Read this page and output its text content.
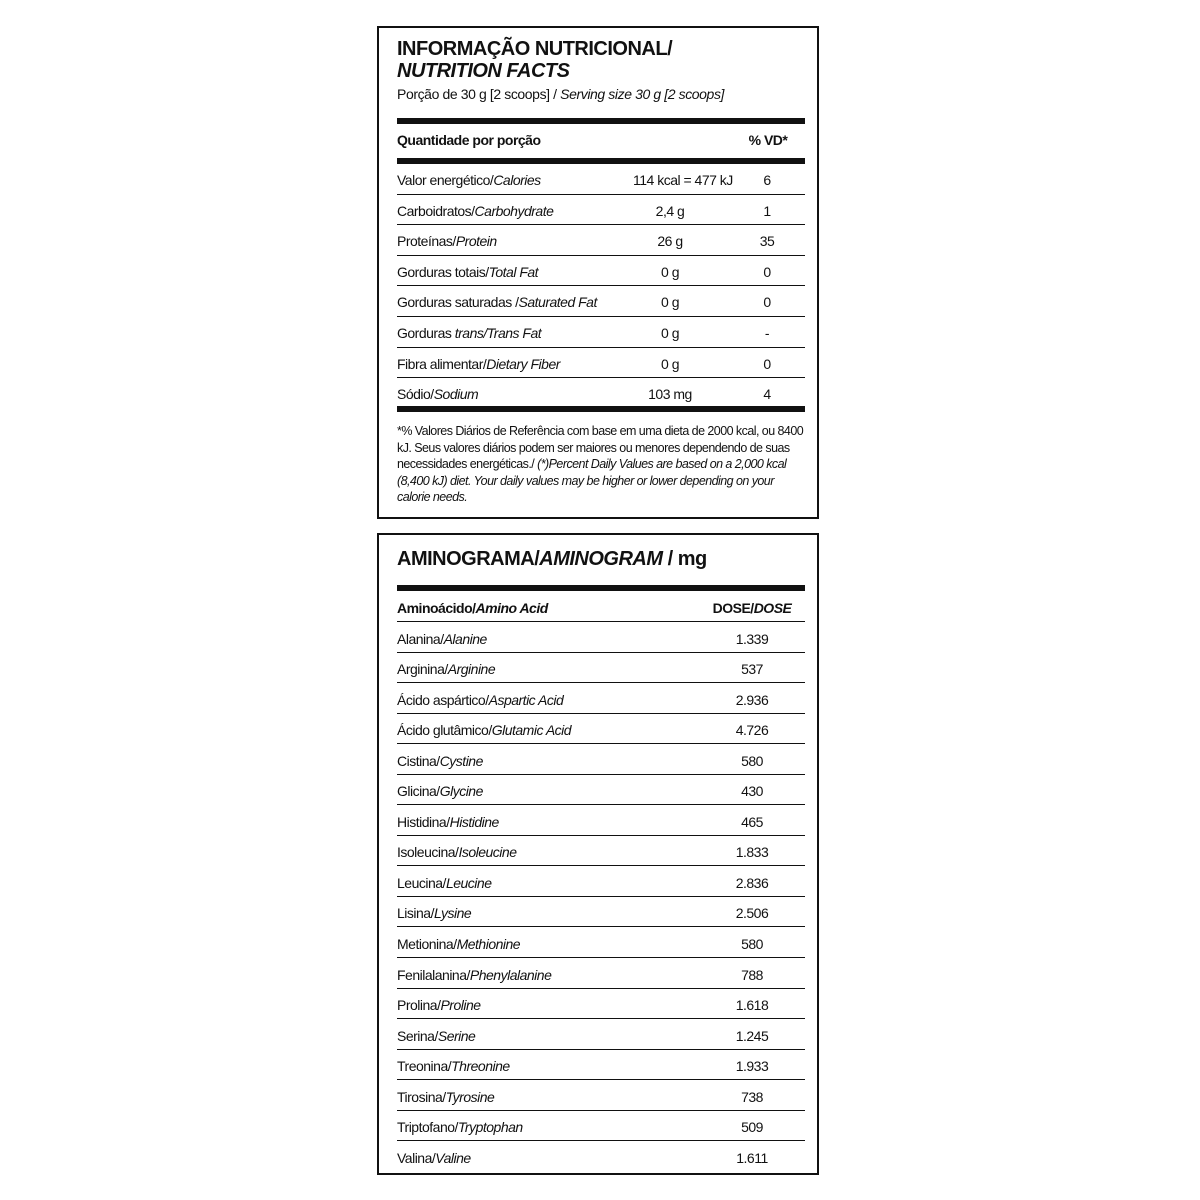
INFORMAÇÃO NUTRICIONAL/
NUTRITION FACTS
Porção de 30 g [2 scoops] / Serving size 30 g [2 scoops]
Quantidade por porção	% VD*
Valor energético/Calories	114 kcal = 477 kJ	6
Carboidratos/Carbohydrate	2,4 g	1
Proteínas/Protein	26 g	35
Gorduras totais/Total Fat	0 g	0
Gorduras saturadas /Saturated Fat	0 g	0
Gorduras trans/Trans Fat	0 g	-
Fibra alimentar/Dietary Fiber	0 g	0
Sódio/Sodium	103 mg	4
*% Valores Diários de Referência com base em uma dieta de 2000 kcal, ou 8400 kJ. Seus valores diários podem ser maiores ou menores dependendo de suas necessidades energéticas./ (*)Percent Daily Values are based on a 2,000 kcal (8,400 kJ) diet. Your daily values may be higher or lower depending on your calorie needs.
AMINOGRAMA/AMINOGRAM / mg
Aminoácido/Amino Acid	DOSE/DOSE
Alanina/Alanine	1.339
Arginina/Arginine	537
Ácido aspártico/Aspartic Acid	2.936
Ácido glutâmico/Glutamic Acid	4.726
Cistina/Cystine	580
Glicina/Glycine	430
Histidina/Histidine	465
Isoleucina/Isoleucine	1.833
Leucina/Leucine	2.836
Lisina/Lysine	2.506
Metionina/Methionine	580
Fenilalanina/Phenylalanine	788
Prolina/Proline	1.618
Serina/Serine	1.245
Treonina/Threonine	1.933
Tirosina/Tyrosine	738
Triptofano/Tryptophan	509
Valina/Valine	1.611
